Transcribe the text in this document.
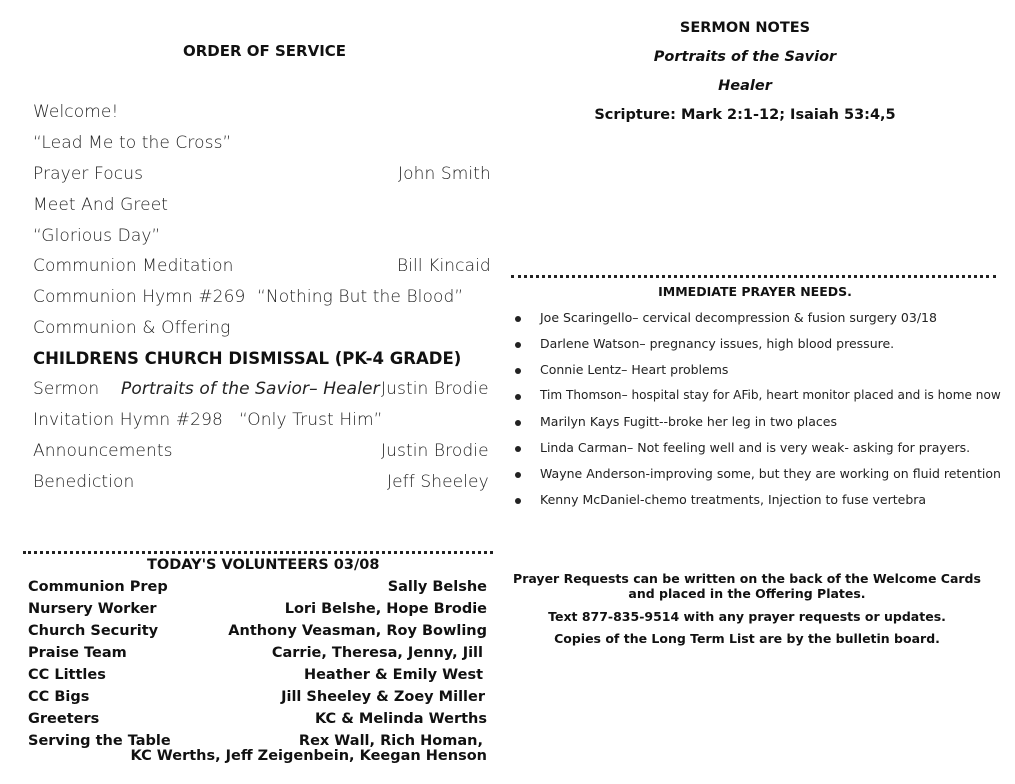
ORDER OF SERVICE
Welcome!
“Lead Me to the Cross”
Prayer Focus	John Smith
Meet And Greet
“Glorious Day”
Communion Meditation	Bill Kincaid
Communion Hymn #269 “Nothing But the Blood”
Communion & Offering
CHILDRENS CHURCH DISMISSAL (PK-4 GRADE)
Sermon Portraits of the Savior– Healer Justin Brodie
Invitation Hymn #298 “Only Trust Him”
Announcements	Justin Brodie
Benediction	Jeff Sheeley
TODAY'S VOLUNTEERS 03/08
Communion Prep	Sally Belshe
Nursery Worker	Lori Belshe, Hope Brodie
Church Security	Anthony Veasman, Roy Bowling
Praise Team	Carrie, Theresa, Jenny, Jill
CC Littles	Heather & Emily West
CC Bigs	Jill Sheeley & Zoey Miller
Greeters	KC & Melinda Werths
Serving the Table	Rex Wall, Rich Homan,
KC Werths, Jeff Zeigenbein, Keegan Henson
SERMON NOTES
Portraits of the Savior
Healer
Scripture: Mark 2:1-12; Isaiah 53:4,5
IMMEDIATE PRAYER NEEDS.
Joe Scaringello– cervical decompression & fusion surgery 03/18
Darlene Watson– pregnancy issues, high blood pressure.
Connie Lentz– Heart problems
Tim Thomson– hospital stay for AFib, heart monitor placed and is home now
Marilyn Kays Fugitt--broke her leg in two places
Linda Carman– Not feeling well and is very weak- asking for prayers.
Wayne Anderson-improving some, but they are working on fluid retention
Kenny McDaniel-chemo treatments, Injection to fuse vertebra
Prayer Requests can be written on the back of the Welcome Cards
and placed in the Offering Plates.
Text 877-835-9514 with any prayer requests or updates.
Copies of the Long Term List are by the bulletin board.
